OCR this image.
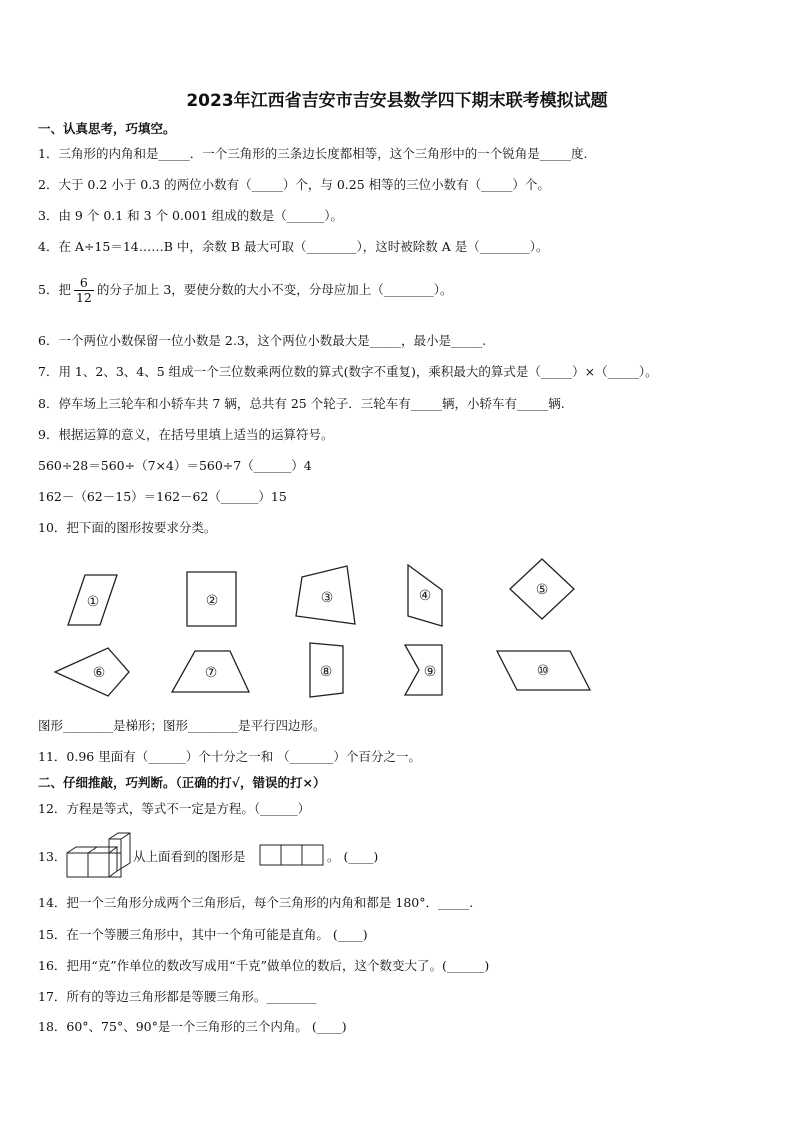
2023年江西省吉安市吉安县数学四下期末联考模拟试题
一、认真思考，巧填空。
1．三角形的内角和是_____．一个三角形的三条边长度都相等，这个三角形中的一个锐角是_____度.
2．大于 0.2 小于 0.3 的两位小数有（_____）个，与 0.25 相等的三位小数有（_____）个。
3．由 9 个 0.1 和 3 个 0.001 组成的数是（______）。
4．在 A÷15＝14……B 中，余数 B 最大可取（________），这时被除数 A 是（________）。
5．把 $\frac{6}{12}$ 的分子加上 3，要使分数的大小不变，分母应加上（________）。
6．一个两位小数保留一位小数是 2.3，这个两位小数最大是_____，最小是_____.
7．用 1、2、3、4、5 组成一个三位数乘两位数的算式(数字不重复)，乘积最大的算式是（_____）×（_____）。
8．停车场上三轮车和小轿车共 7 辆，总共有 25 个轮子．三轮车有_____辆，小轿车有_____辆.
9．根据运算的意义，在括号里填上适当的运算符号。
560÷28＝560÷（7×4）＝560÷7（______）4
162－（62－15）＝162－62（______）15
10．把下面的图形按要求分类。
①	②	③	④	⑤
⑥	⑦	⑧	⑨	⑩
图形________是梯形；图形________是平行四边形。
11．0.96 里面有（______）个十分之一和 （_______）个百分之一。
二、仔细推敲，巧判断。（正确的打√，错误的打×）
12．方程是等式，等式不一定是方程。（______）
13．	从上面看到的图形是	。 (____)
14．把一个三角形分成两个三角形后，每个三角形的内角和都是 180°．_____.
15．在一个等腰三角形中，其中一个角可能是直角。 (____)
16．把用“克”作单位的数改写成用“千克”做单位的数后，这个数变大了。(______)
17．所有的等边三角形都是等腰三角形。________
18．60°、75°、90°是一个三角形的三个内角。 (____)
